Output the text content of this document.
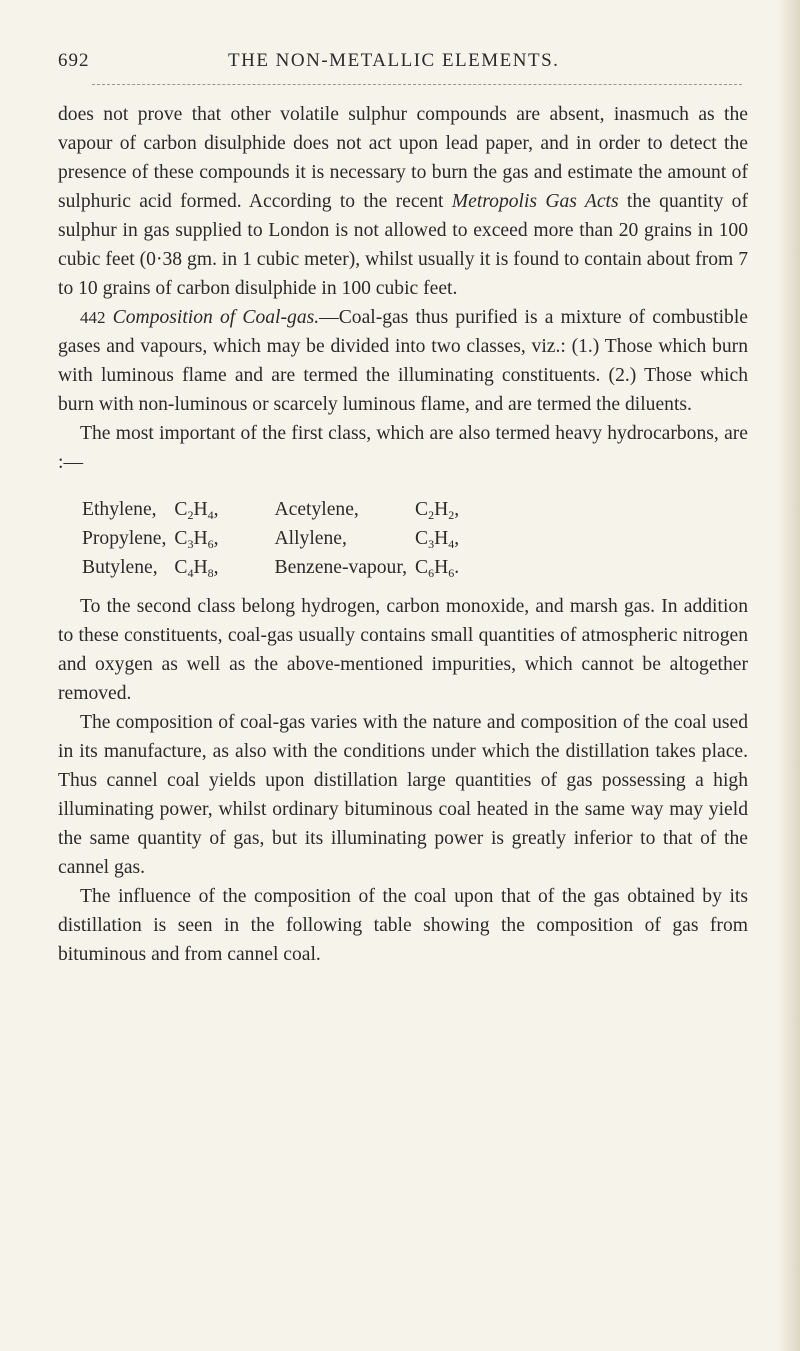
692	THE NON-METALLIC ELEMENTS.

does not prove that other volatile sulphur compounds are absent, inasmuch as the vapour of carbon disulphide does not act upon lead paper, and in order to detect the presence of these compounds it is necessary to burn the gas and estimate the amount of sulphuric acid formed. According to the recent Metropolis Gas Acts the quantity of sulphur in gas supplied to London is not allowed to exceed more than 20 grains in 100 cubic feet (0·38 gm. in 1 cubic meter), whilst usually it is found to contain about from 7 to 10 grains of carbon disulphide in 100 cubic feet.

442 Composition of Coal-gas.—Coal-gas thus purified is a mixture of combustible gases and vapours, which may be divided into two classes, viz.: (1.) Those which burn with luminous flame and are termed the illuminating constituents. (2.) Those which burn with non-luminous or scarcely luminous flame, and are termed the diluents.

The most important of the first class, which are also termed heavy hydrocarbons, are :—

Ethylene,	$C_2H_4$,	Acetylene,	$C_2H_2$,
Propylene,	$C_3H_6$,	Allylene,	$C_3H_4$,
Butylene,	$C_4H_8$,	Benzene-vapour,	$C_6H_6$.

To the second class belong hydrogen, carbon monoxide, and marsh gas. In addition to these constituents, coal-gas usually contains small quantities of atmospheric nitrogen and oxygen as well as the above-mentioned impurities, which cannot be altogether removed.

The composition of coal-gas varies with the nature and composition of the coal used in its manufacture, as also with the conditions under which the distillation takes place. Thus cannel coal yields upon distillation large quantities of gas possessing a high illuminating power, whilst ordinary bituminous coal heated in the same way may yield the same quantity of gas, but its illuminating power is greatly inferior to that of the cannel gas.

The influence of the composition of the coal upon that of the gas obtained by its distillation is seen in the following table showing the composition of gas from bituminous and from cannel coal.
